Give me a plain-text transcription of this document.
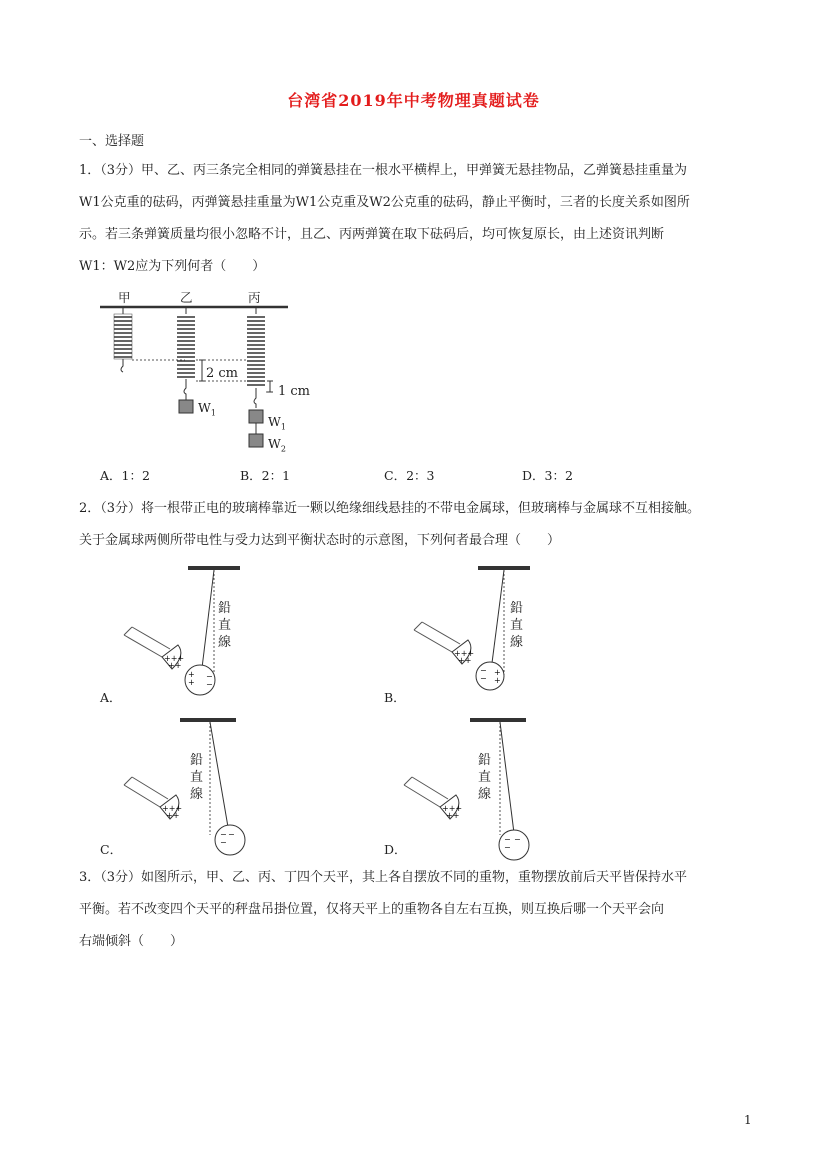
台湾省2019年中考物理真题试卷
一、选择题
1．（3分）甲、乙、丙三条完全相同的弹簧悬挂在一根水平横桿上，甲弹簧无悬挂物品，乙弹簧悬挂重量为
W1公克重的砝码，丙弹簧悬挂重量为W1公克重及W2公克重的砝码，静止平衡时，三者的长度关系如图所
示。若三条弹簧质量均很小忽略不计，且乙、丙两弹簧在取下砝码后，均可恢复原长，由上述资讯判断
W1：W2应为下列何者（　　）
甲	乙	丙
2 cm
1 cm
$W_1$
$W_1$
$W_2$
A．1：2	B．2：1	C．2：3	D．3：2
2．（3分）将一根带正电的玻璃棒靠近一颗以绝缘细线悬挂的不带电金属球，但玻璃棒与金属球不互相接触。
关于金属球两侧所带电性与受力达到平衡状态时的示意图，下列何者最合理（　　）
+++
++
+
+
−
−
+++
++
−
−
+
+
+++
++
−
−
−
+++
++
−
−
−
鉛
直
線
鉛
直
線
鉛
直
線
鉛
直
線
A．	B．
C．	D．
3．（3分）如图所示，甲、乙、丙、丁四个天平，其上各自摆放不同的重物，重物摆放前后天平皆保持水平
平衡。若不改变四个天平的秤盘吊掛位置，仅将天平上的重物各自左右互换，则互换后哪一个天平会向
右端倾斜（　　）
1
